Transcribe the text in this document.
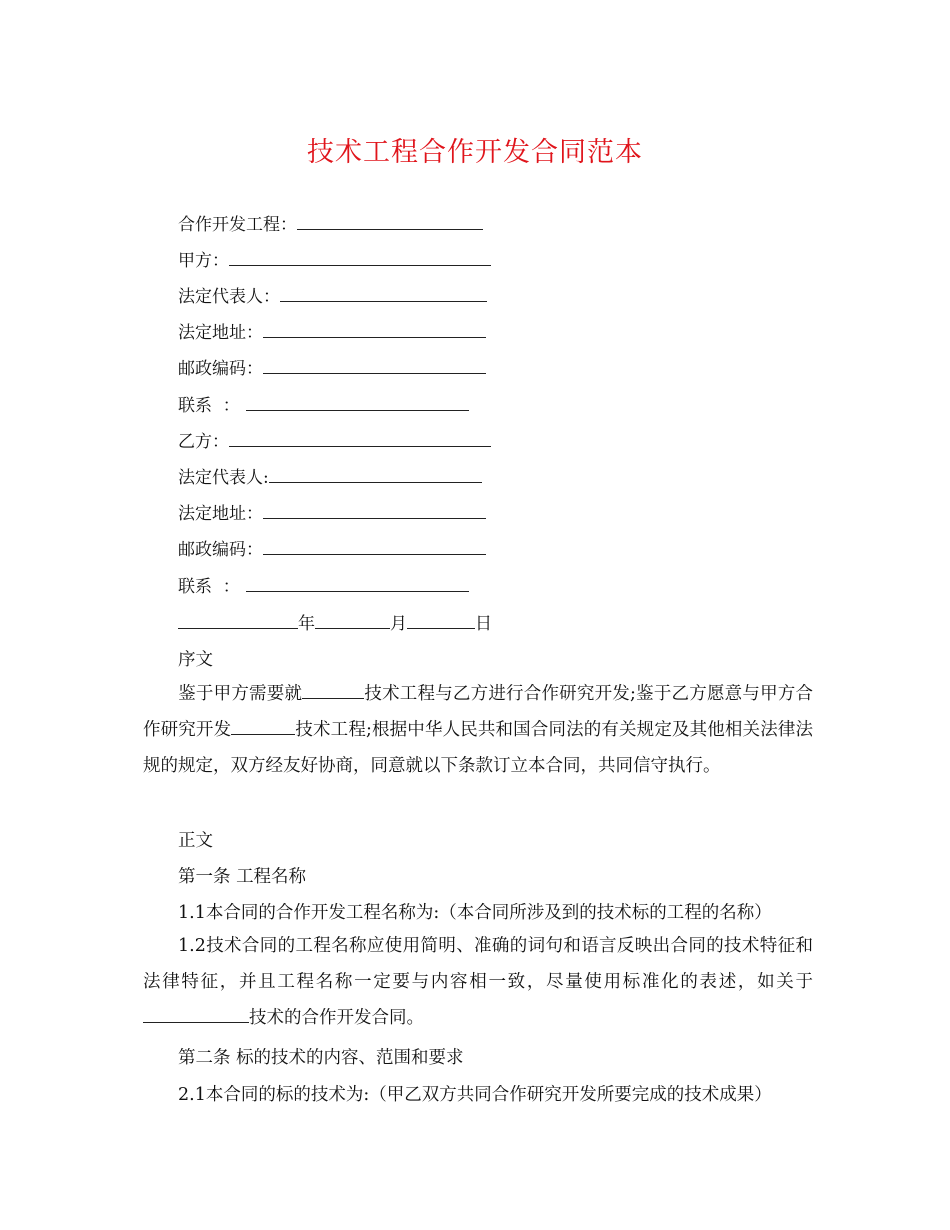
技术工程合作开发合同范本
合作开发工程：
甲方：
法定代表人：
法定地址：
邮政编码：
联系  ：
乙方：
法定代表人:
法定地址：
邮政编码：
联系  ：
年	月	日
序文
鉴于甲方需要就	技术工程与乙方进行合作研究开发;鉴于乙方愿意与甲方合作研究开发	技术工程;根据中华人民共和国合同法的有关规定及其他相关法律法规的规定，双方经友好协商，同意就以下条款订立本合同，共同信守执行。
正文
第一条 工程名称
1.1本合同的合作开发工程名称为:（本合同所涉及到的技术标的工程的名称）
1.2技术合同的工程名称应使用简明、准确的词句和语言反映出合同的技术特征和法律特征，并且工程名称一定要与内容相一致，尽量使用标准化的表述，如关于技术的合作开发合同。
第二条 标的技术的内容、范围和要求
2.1本合同的标的技术为:（甲乙双方共同合作研究开发所要完成的技术成果）
